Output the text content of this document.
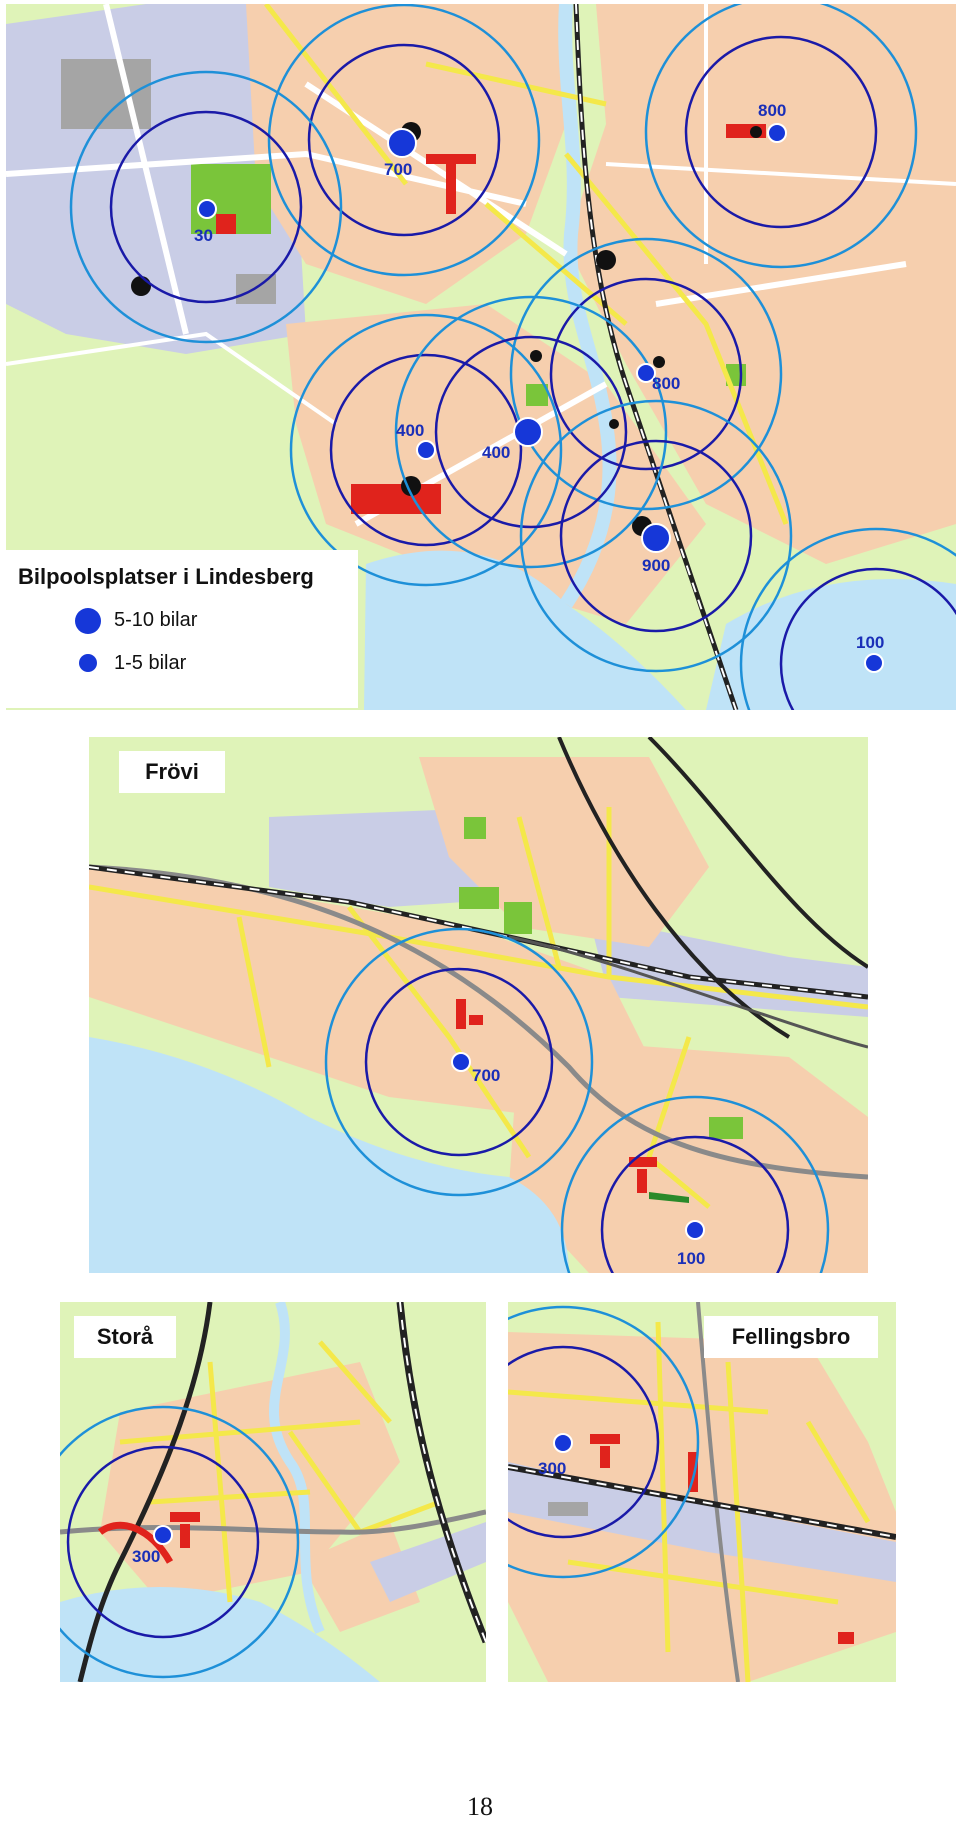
700
30
800
800
400
400
900
100
Bilpoolsplatser i Lindesberg
5-10 bilar
1-5 bilar
700
100
Frövi
300
Storå
300
Fellingsbro
18
